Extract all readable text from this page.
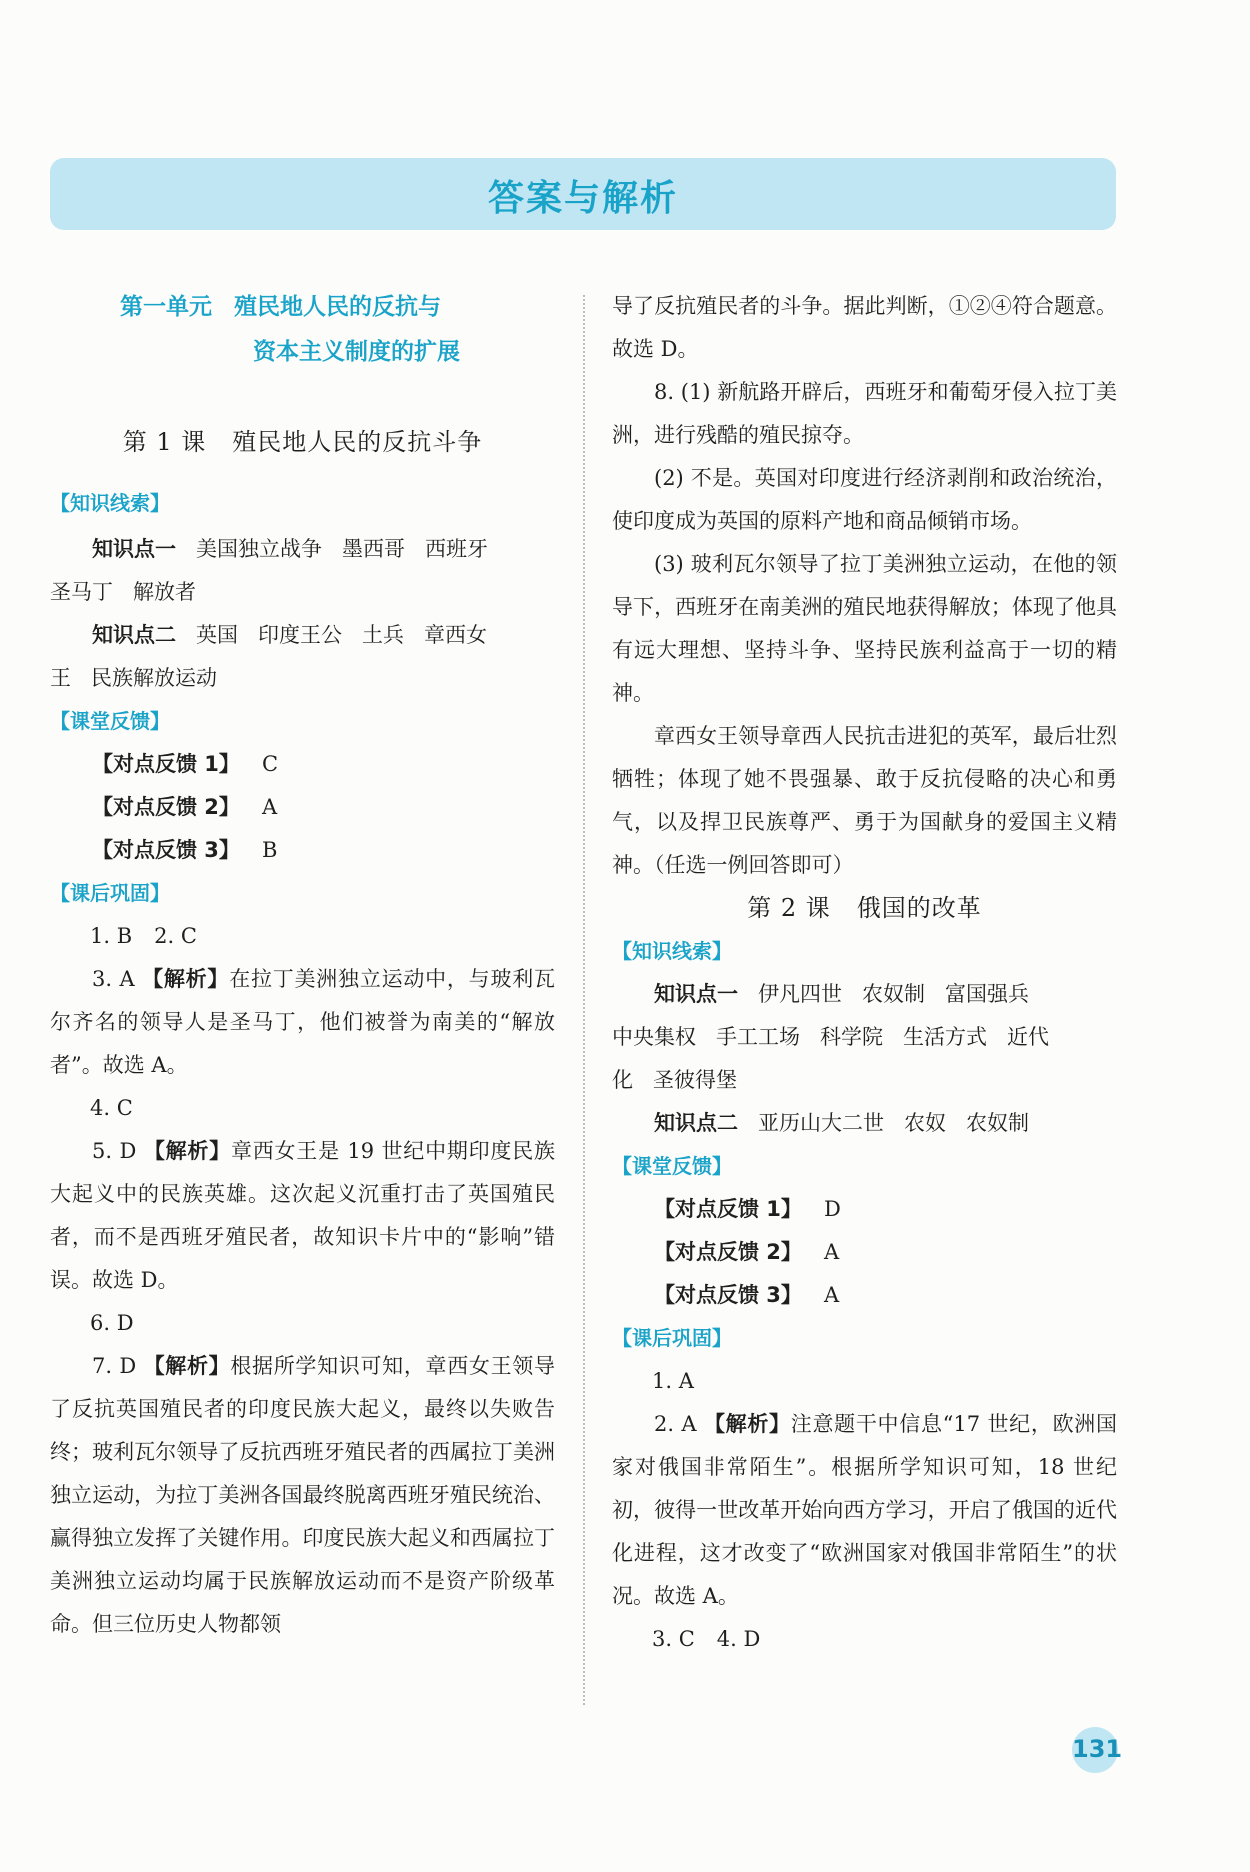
答案与解析
第一单元 殖民地人民的反抗与
资本主义制度的扩展
第 1 课 殖民地人民的反抗斗争
【知识线索】
知识点一 美国独立战争 墨西哥 西班牙
圣马丁 解放者
知识点二 英国 印度王公 土兵 章西女
王 民族解放运动
【课堂反馈】
【对点反馈 1】 C
【对点反馈 2】 A
【对点反馈 3】 B
【课后巩固】
1. B 2. C
3. A 【解析】在拉丁美洲独立运动中，与玻利瓦尔齐名的领导人是圣马丁，他们被誉为南美的“解放者”。故选 A。
4. C
5. D 【解析】章西女王是 19 世纪中期印度民族大起义中的民族英雄。这次起义沉重打击了英国殖民者，而不是西班牙殖民者，故知识卡片中的“影响”错误。故选 D。
6. D
7. D 【解析】根据所学知识可知，章西女王领导了反抗英国殖民者的印度民族大起义，最终以失败告终；玻利瓦尔领导了反抗西班牙殖民者的西属拉丁美洲独立运动，为拉丁美洲各国最终脱离西班牙殖民统治、赢得独立发挥了关键作用。印度民族大起义和西属拉丁美洲独立运动均属于民族解放运动而不是资产阶级革命。但三位历史人物都领
导了反抗殖民者的斗争。据此判断，①②④符合题意。故选 D。
8. (1) 新航路开辟后，西班牙和葡萄牙侵入拉丁美洲，进行残酷的殖民掠夺。
(2) 不是。英国对印度进行经济剥削和政治统治，使印度成为英国的原料产地和商品倾销市场。
(3) 玻利瓦尔领导了拉丁美洲独立运动，在他的领导下，西班牙在南美洲的殖民地获得解放；体现了他具有远大理想、坚持斗争、坚持民族利益高于一切的精神。
章西女王领导章西人民抗击进犯的英军，最后壮烈牺牲；体现了她不畏强暴、敢于反抗侵略的决心和勇气，以及捍卫民族尊严、勇于为国献身的爱国主义精神。（任选一例回答即可）
第 2 课 俄国的改革
【知识线索】
知识点一 伊凡四世 农奴制 富国强兵
中央集权 手工工场 科学院 生活方式 近代
化 圣彼得堡
知识点二 亚历山大二世 农奴 农奴制
【课堂反馈】
【对点反馈 1】 D
【对点反馈 2】 A
【对点反馈 3】 A
【课后巩固】
1. A
2. A 【解析】注意题干中信息“17 世纪，欧洲国家对俄国非常陌生”。根据所学知识可知，18 世纪初，彼得一世改革开始向西方学习，开启了俄国的近代化进程，这才改变了“欧洲国家对俄国非常陌生”的状况。故选 A。
3. C 4. D
131
